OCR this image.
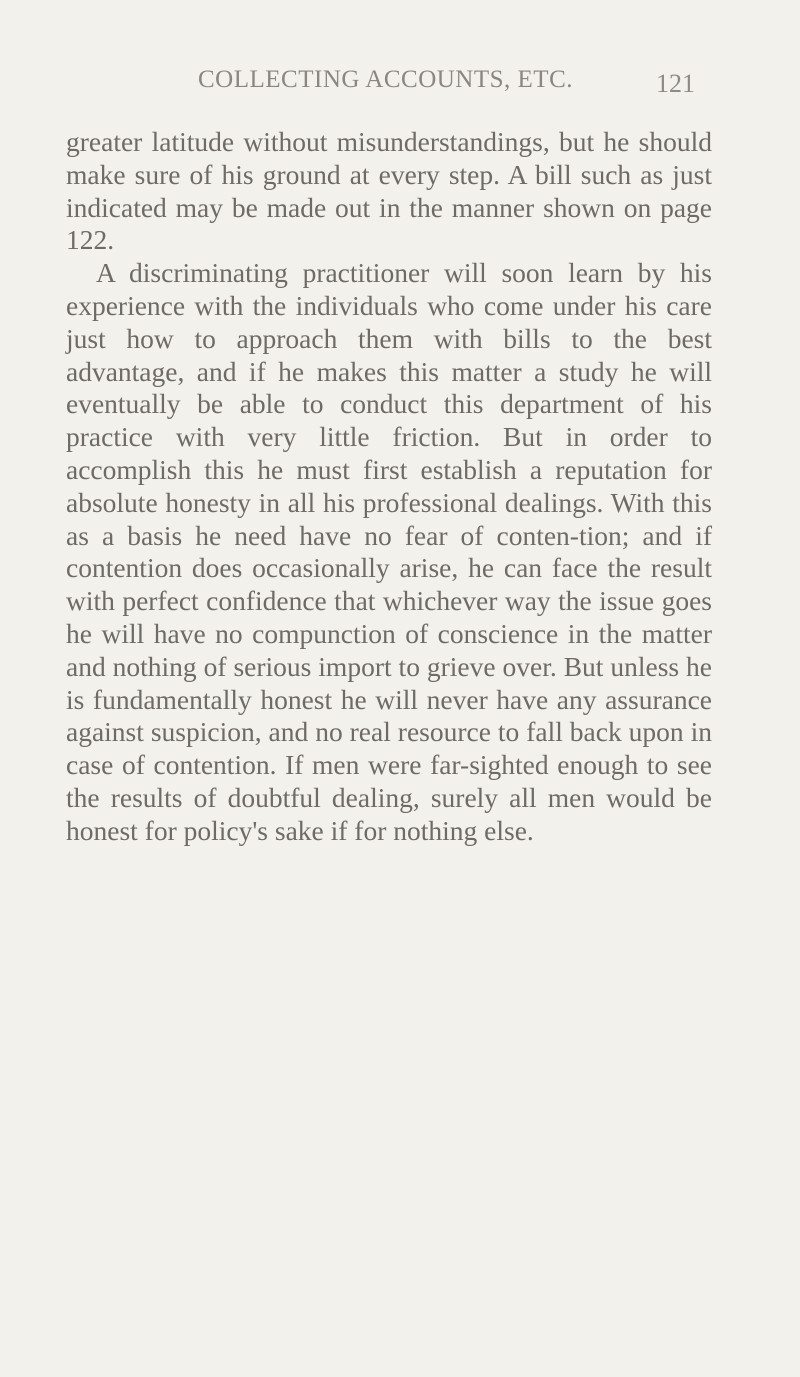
COLLECTING ACCOUNTS, ETC.	121

greater latitude without misunderstandings, but he should make sure of his ground at every step. A bill such as just indicated may be made out in the manner shown on page 122.

A discriminating practitioner will soon learn by his experience with the individuals who come under his care just how to approach them with bills to the best advantage, and if he makes this matter a study he will eventually be able to conduct this department of his practice with very little friction. But in order to accomplish this he must first establish a reputation for absolute honesty in all his professional dealings. With this as a basis he need have no fear of conten-tion; and if contention does occasionally arise, he can face the result with perfect confidence that whichever way the issue goes he will have no compunction of conscience in the matter and nothing of serious import to grieve over. But unless he is fundamentally honest he will never have any assurance against suspicion, and no real resource to fall back upon in case of contention. If men were far-sighted enough to see the results of doubtful dealing, surely all men would be honest for policy's sake if for nothing else.
